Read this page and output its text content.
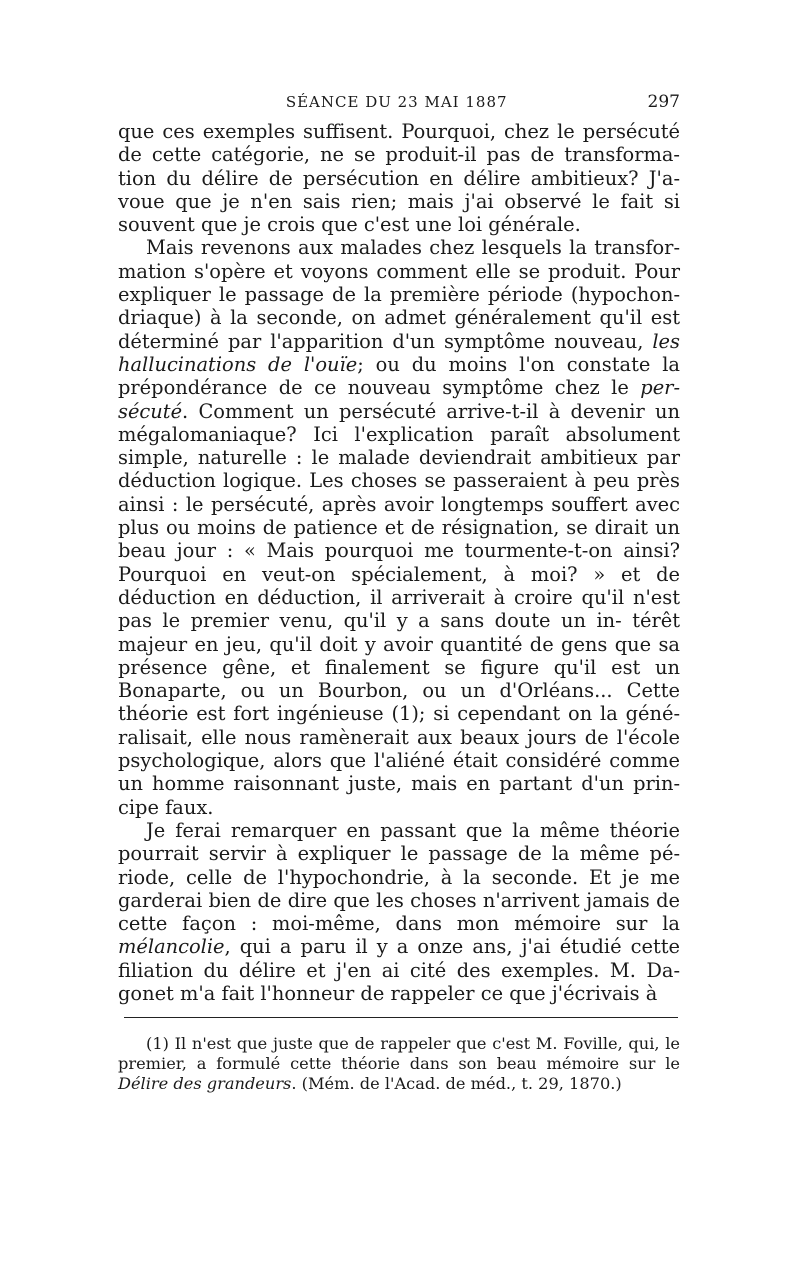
SÉANCE DU 23 MAI 1887	297

que ces exemples suffisent. Pourquoi, chez le persécuté de cette catégorie, ne se produit-il pas de transforma- tion du délire de persécution en délire ambitieux? J'a- voue que je n'en sais rien; mais j'ai observé le fait si souvent que je crois que c'est une loi générale.

Mais revenons aux malades chez lesquels la transfor- mation s'opère et voyons comment elle se produit. Pour expliquer le passage de la première période (hypochon- driaque) à la seconde, on admet généralement qu'il est déterminé par l'apparition d'un symptôme nouveau, les hallucinations de l'ouïe; ou du moins l'on constate la prépondérance de ce nouveau symptôme chez le per- sécuté. Comment un persécuté arrive-t-il à devenir un mégalomaniaque? Ici l'explication paraît absolument simple, naturelle : le malade deviendrait ambitieux par déduction logique. Les choses se passeraient à peu près ainsi : le persécuté, après avoir longtemps souffert avec plus ou moins de patience et de résignation, se dirait un beau jour : « Mais pourquoi me tourmente-t-on ainsi? Pourquoi en veut-on spécialement, à moi? » et de déduction en déduction, il arriverait à croire qu'il n'est pas le premier venu, qu'il y a sans doute un in- térêt majeur en jeu, qu'il doit y avoir quantité de gens que sa présence gêne, et finalement se figure qu'il est un Bonaparte, ou un Bourbon, ou un d'Orléans... Cette théorie est fort ingénieuse (1); si cependant on la géné- ralisait, elle nous ramènerait aux beaux jours de l'école psychologique, alors que l'aliéné était considéré comme un homme raisonnant juste, mais en partant d'un prin- cipe faux.

Je ferai remarquer en passant que la même théorie pourrait servir à expliquer le passage de la même pé- riode, celle de l'hypochondrie, à la seconde. Et je me garderai bien de dire que les choses n'arrivent jamais de cette façon : moi-même, dans mon mémoire sur la mélancolie, qui a paru il y a onze ans, j'ai étudié cette filiation du délire et j'en ai cité des exemples. M. Da- gonet m'a fait l'honneur de rappeler ce que j'écrivais à

(1) Il n'est que juste que de rappeler que c'est M. Foville, qui, le premier, a formulé cette théorie dans son beau mémoire sur le Délire des grandeurs. (Mém. de l'Acad. de méd., t. 29, 1870.)
